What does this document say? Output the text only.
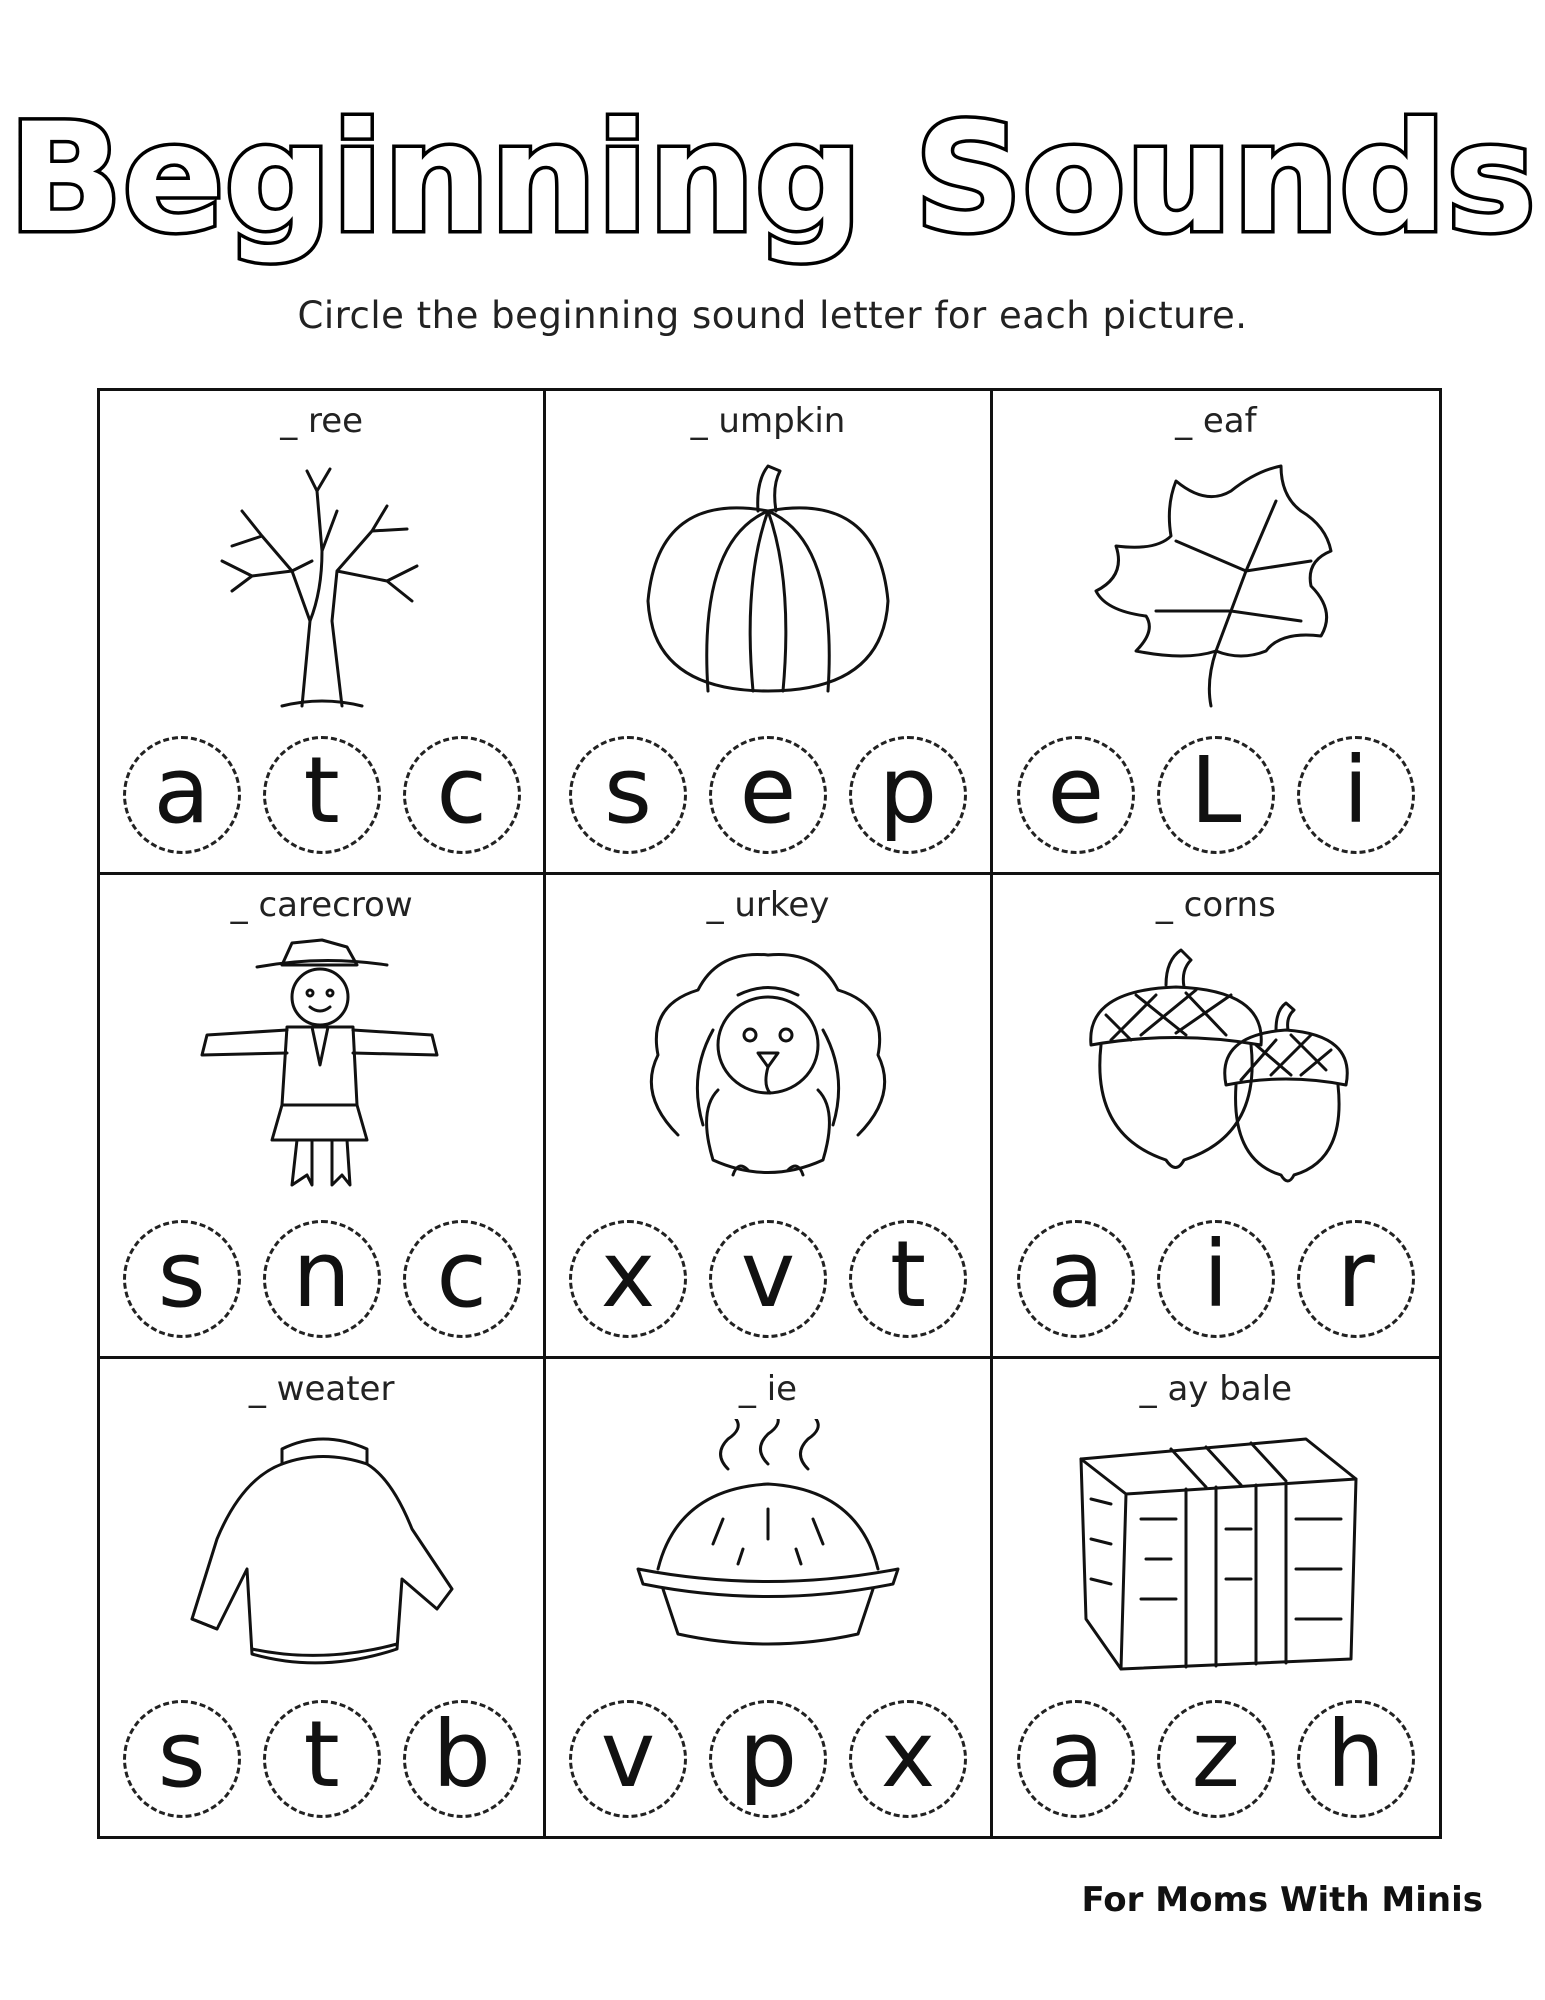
Beginning Sounds
Circle the beginning sound letter for each picture.
_ ree
a	t	c
_ umpkin
s e p
_ eaf
e L	i
_ carecrow
s n c
_ urkey
x v	t
_ corns
a	i	r
_ weater
s	t	b
_ ie
v p x
_ ay bale
a z h
For Moms With Minis
